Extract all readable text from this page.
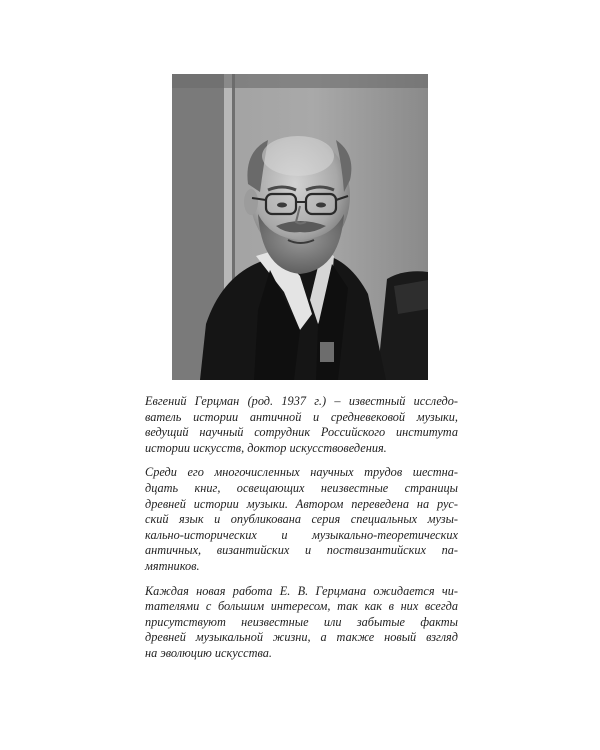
Евгений Герцман (род. 1937 г.) – известный исследо-
ватель истории античной и средневековой музыки,
ведущий научный сотрудник Российского института
истории искусств, доктор искусствоведения.

Среди его многочисленных научных трудов шестна-
дцать книг, освещающих неизвестные страницы
древней истории музыки. Автором переведена на рус-
ский язык и опубликована серия специальных музы-
кально-исторических и музыкально-теоретических
античных, византийских и поствизантийских па-
мятников.

Каждая новая работа Е. В. Герцмана ожидается чи-
тателями с большим интересом, так как в них всегда
присутствуют неизвестные или забытые факты
древней музыкальной жизни, а также новый взгляд
на эволюцию искусства.
